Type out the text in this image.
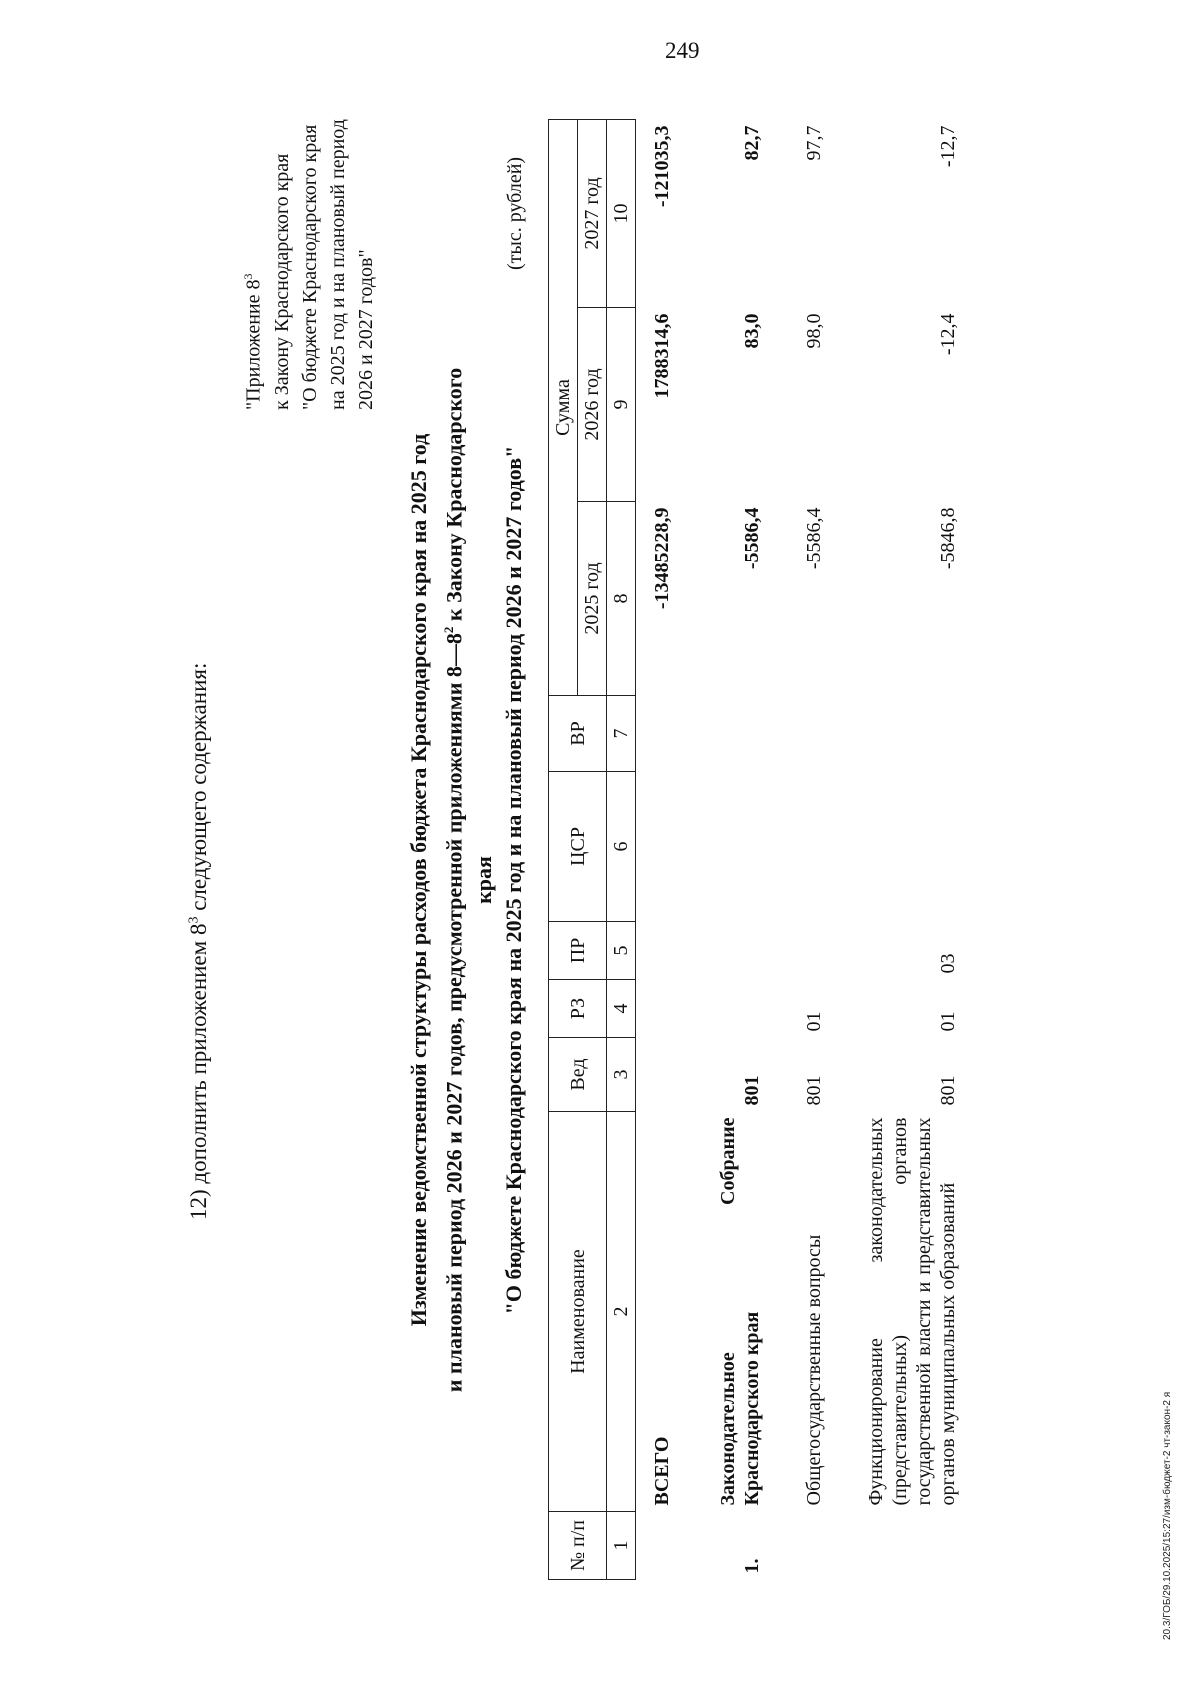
249
20.3/ГОБ/29.10.2025/15:27/изм-бюджет-2 чт-закон-2 я
12) дополнить приложением $8^3$ следующего содержания:
"Приложение $8^3$ к Закону Краснодарского края "О бюджете Краснодарского края на 2025 год и на плановый период 2026 и 2027 годов"
Изменение ведомственной структуры расходов бюджета Краснодарского края на 2025 год и плановый период 2026 и 2027 годов, предусмотренной приложениями $8—8^2$ к Закону Краснодарского края "О бюджете Краснодарского края на 2025 год и на плановый период 2026 и 2027 годов"
(тыс. рублей)
№ п/п	Наименование	Вед	РЗ	ПР	ЦСР	ВР	Сумма		
							2025 год	2026 год	2027 год
1	2	3	4	5	6	7	8	9	10
	ВСЕГО						-13485228,9	1788314,6	-121035,3
1.	Законодательное Собрание Краснодарского края	801					-5586,4	83,0	82,7
	Общегосударственные вопросы	801	01				-5586,4	98,0	97,7
	Функционирование законодательных (представительных) органов государственной власти и представительных органов муниципальных образований	801	01	03			-5846,8	-12,4	-12,7
